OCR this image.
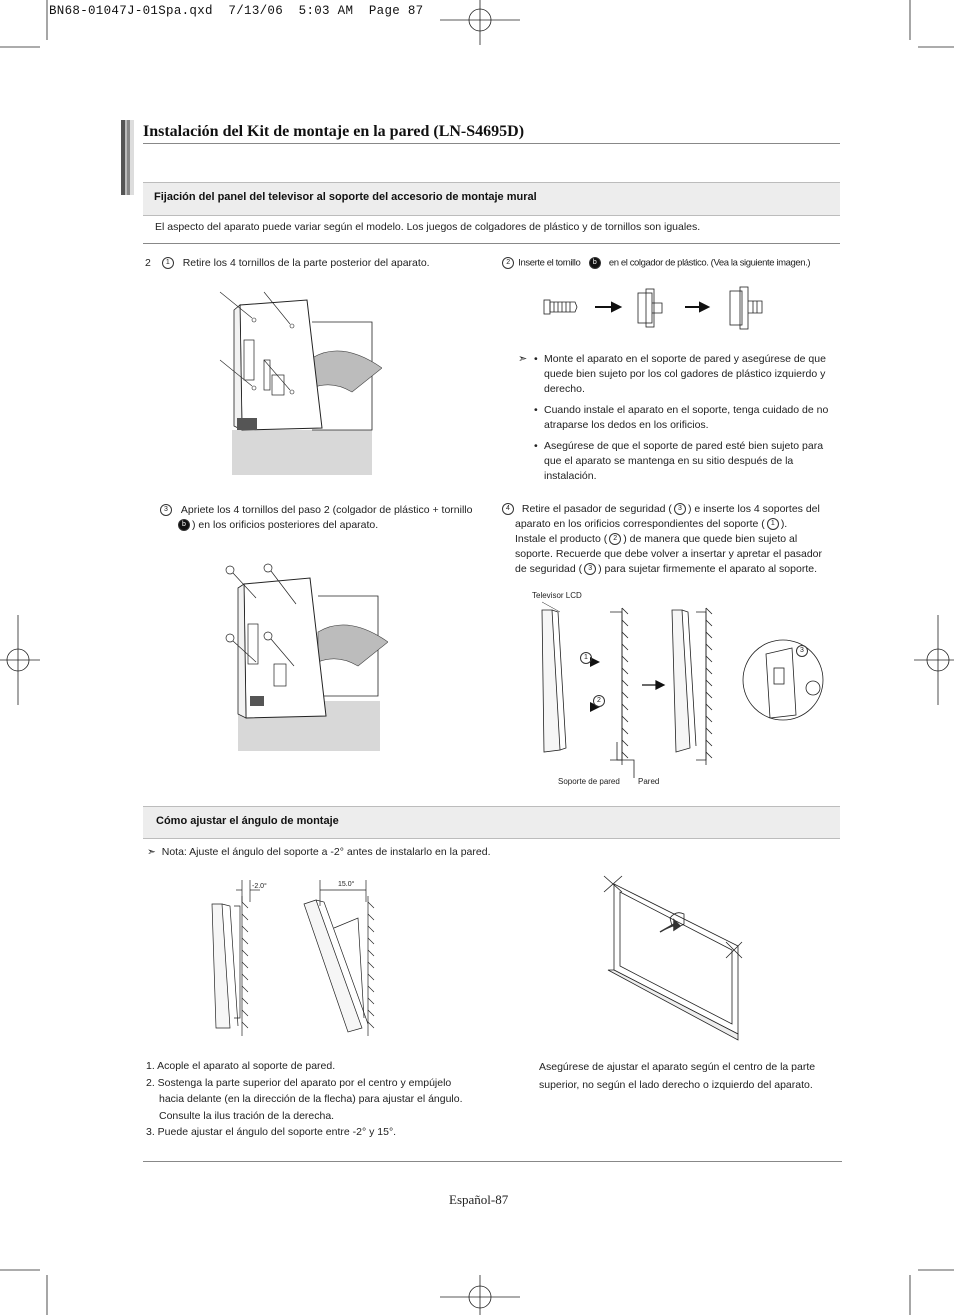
BN68-01047J-01Spa.qxd  7/13/06  5:03 AM  Page 87
Instalación del Kit de montaje en la pared (LN-S4695D)
Fijación del panel del televisor al soporte del accesorio de montaje mural
El aspecto del aparato puede variar según el modelo. Los juegos de colgadores de plástico y de tornillos son iguales.
2 1 Retire los 4 tornillos de la parte posterior del aparato.	2 Inserte el tornillo b en el colgador de plástico. (Vea la siguiente imagen.)
➣
•	Monte el aparato en el soporte de pared y asegúrese de que quede bien sujeto por los col gadores de plástico izquierdo y derecho.
• Cuando instale el aparato en el soporte, tenga cuidado de no atraparse los dedos en los orificios.
• Asegúrese de que el soporte de pared esté bien sujeto para que el aparato se mantenga en su sitio después de la instalación.
3 Apriete los 4 tornillos del paso 2 (colgador de plástico + tornillo
b ) en los orificios posteriores del aparato.
4 Retire el pasador de seguridad ( 3 ) e inserte los 4 soportes del
aparato en los orificios correspondientes del soporte ( 1 ).
Instale el producto ( 2 ) de manera que quede bien sujeto al
soporte. Recuerde que debe volver a insertar y apretar el pasador
de seguridad ( 3 ) para sujetar firmemente el aparato al soporte.
Televisor LCD
1
2
3
Soporte de pared Pared
Cómo ajustar el ángulo de montaje
➣ Nota: Ajuste el ángulo del soporte a -2° antes de instalarlo en la pared.
-2.0°	15.0°
1. Acople el aparato al soporte de pared.
2. Sostenga la parte superior del aparato por el centro y empújelo
hacia delante (en la dirección de la flecha) para ajustar el ángulo.
Consulte la ilus tración de la derecha.
3. Puede ajustar el ángulo del soporte entre -2° y 15°.
Asegúrese de ajustar el aparato según el centro de la parte superior, no según el lado derecho o izquierdo del aparato.
Español-87
